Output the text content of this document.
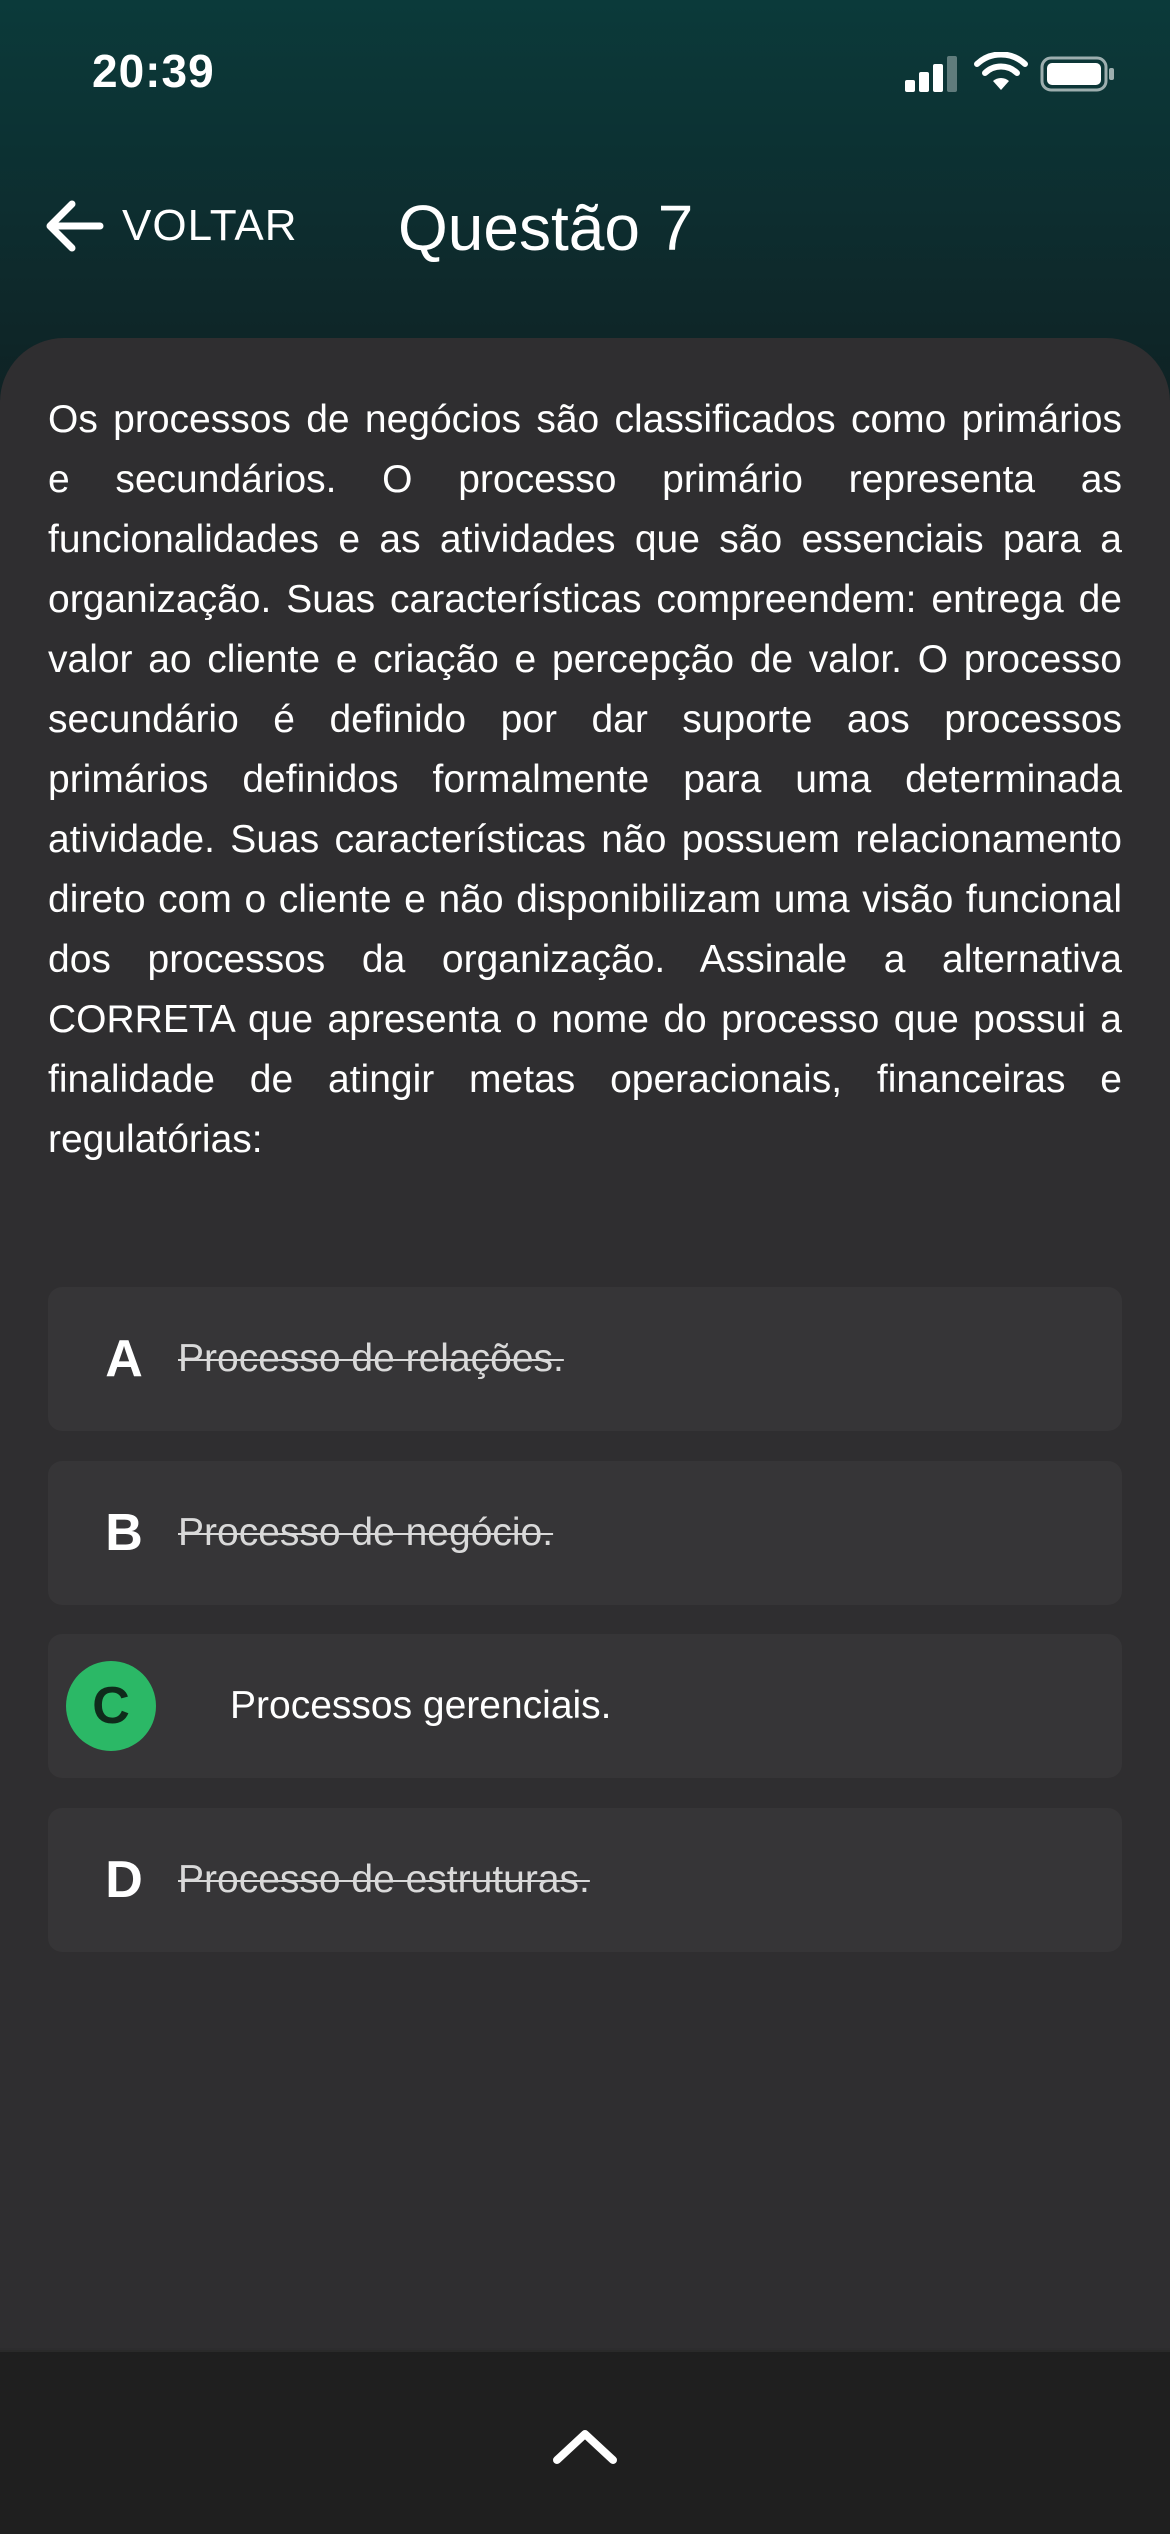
20:39
VOLTAR Questão 7

Os processos de negócios são classificados como primários e secundários. O processo primário representa as funcionalidades e as atividades que são essenciais para a organização. Suas características compreendem: entrega de valor ao cliente e criação e percepção de valor. O processo secundário é definido por dar suporte aos processos primários definidos formalmente para uma determinada atividade. Suas características não possuem relacionamento direto com o cliente e não disponibilizam uma visão funcional dos processos da organização. Assinale a alternativa CORRETA que apresenta o nome do processo que possui a finalidade de atingir metas operacionais, financeiras e regulatórias:

A Processo de relações.
B Processo de negócio.
C	Processos gerenciais.
D Processo de estruturas.
